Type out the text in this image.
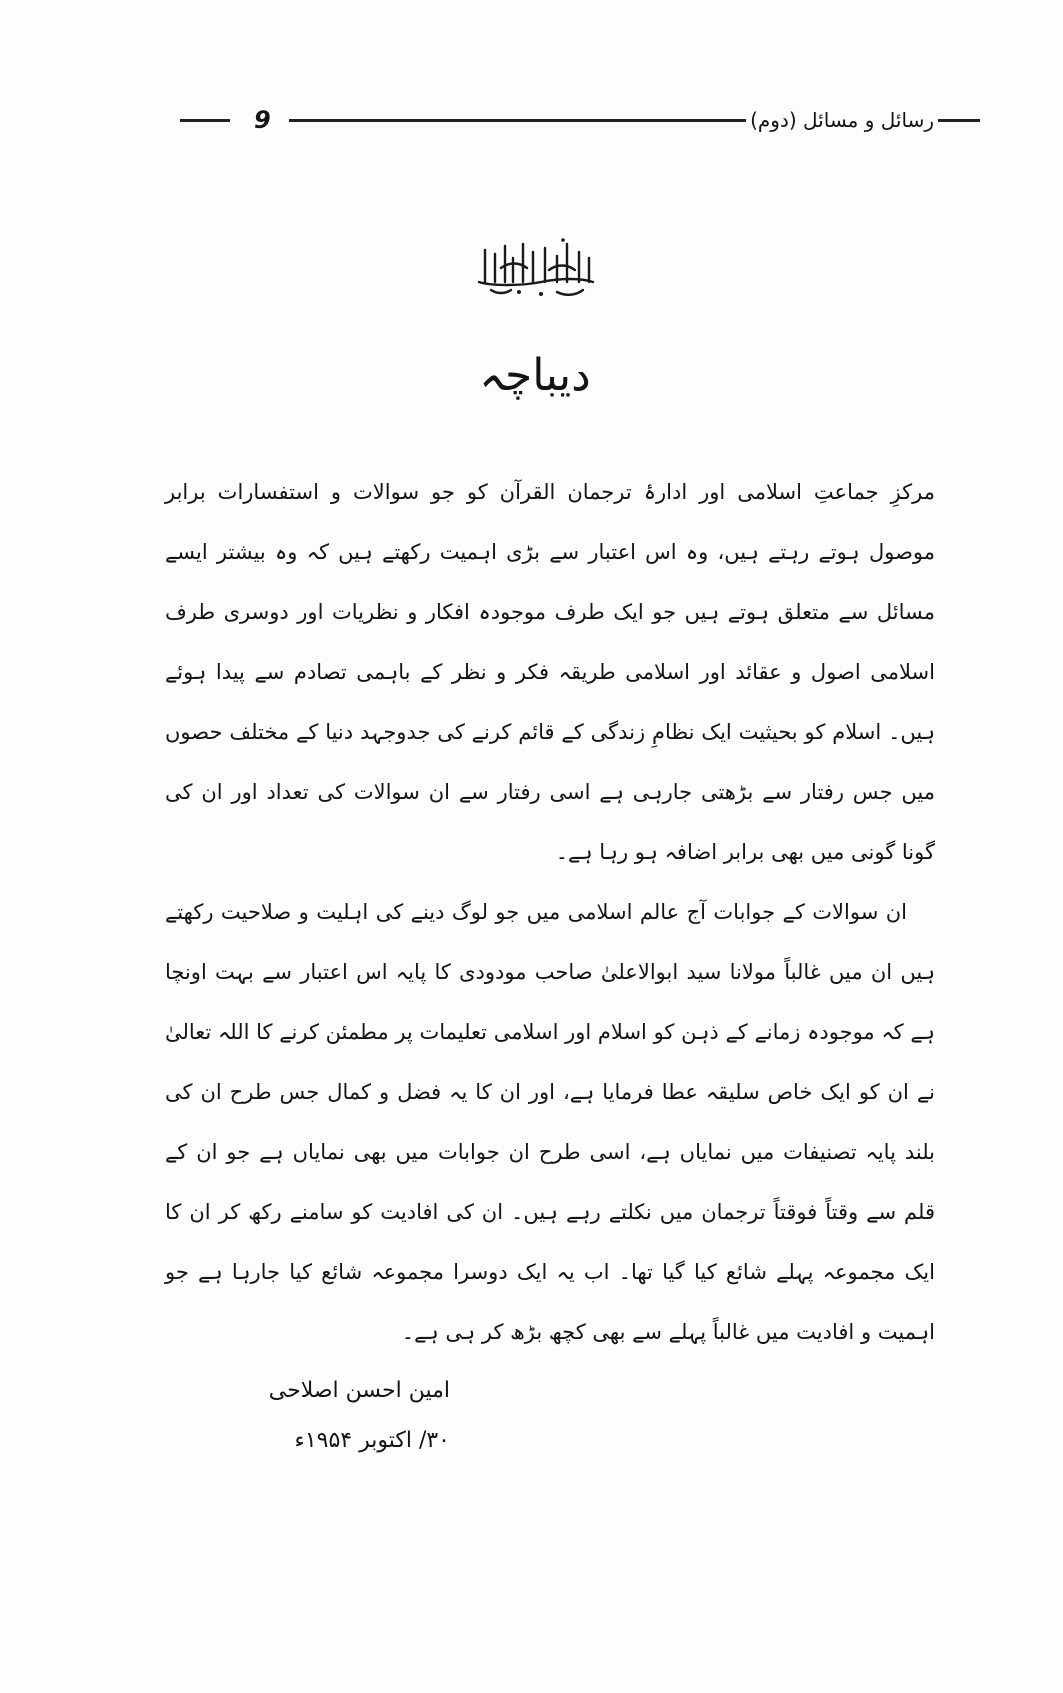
9	رسائل و مسائل (دوم)
دیباچہ

مرکزِ جماعتِ اسلامی اور ادارۂ ترجمان القرآن کو جو سوالات و استفسارات برابر موصول ہوتے رہتے ہیں، وہ اس اعتبار سے بڑی اہمیت رکھتے ہیں کہ وہ بیشتر ایسے مسائل سے متعلق ہوتے ہیں جو ایک طرف موجودہ افکار و نظریات اور دوسری طرف اسلامی اصول و عقائد اور اسلامی طریقہ فکر و نظر کے باہمی تصادم سے پیدا ہوئے ہیں۔ اسلام کو بحیثیت ایک نظامِ زندگی کے قائم کرنے کی جدوجہد دنیا کے مختلف حصوں میں جس رفتار سے بڑھتی جارہی ہے اسی رفتار سے ان سوالات کی تعداد اور ان کی گونا گونی میں بھی برابر اضافہ ہو رہا ہے۔

ان سوالات کے جوابات آج عالم اسلامی میں جو لوگ دینے کی اہلیت و صلاحیت رکھتے ہیں ان میں غالباً مولانا سید ابوالاعلیٰ صاحب مودودی کا پایہ اس اعتبار سے بہت اونچا ہے کہ موجودہ زمانے کے ذہن کو اسلام اور اسلامی تعلیمات پر مطمئن کرنے کا اللہ تعالیٰ نے ان کو ایک خاص سلیقہ عطا فرمایا ہے، اور ان کا یہ فضل و کمال جس طرح ان کی بلند پایہ تصنیفات میں نمایاں ہے، اسی طرح ان جوابات میں بھی نمایاں ہے جو ان کے قلم سے وقتاً فوقتاً ترجمان میں نکلتے رہے ہیں۔ ان کی افادیت کو سامنے رکھ کر ان کا ایک مجموعہ پہلے شائع کیا گیا تھا۔ اب یہ ایک دوسرا مجموعہ شائع کیا جارہا ہے جو اہمیت و افادیت میں غالباً پہلے سے بھی کچھ بڑھ کر ہی ہے۔

امین احسن اصلاحی
۳۰/ اکتوبر ۱۹۵۴ء
